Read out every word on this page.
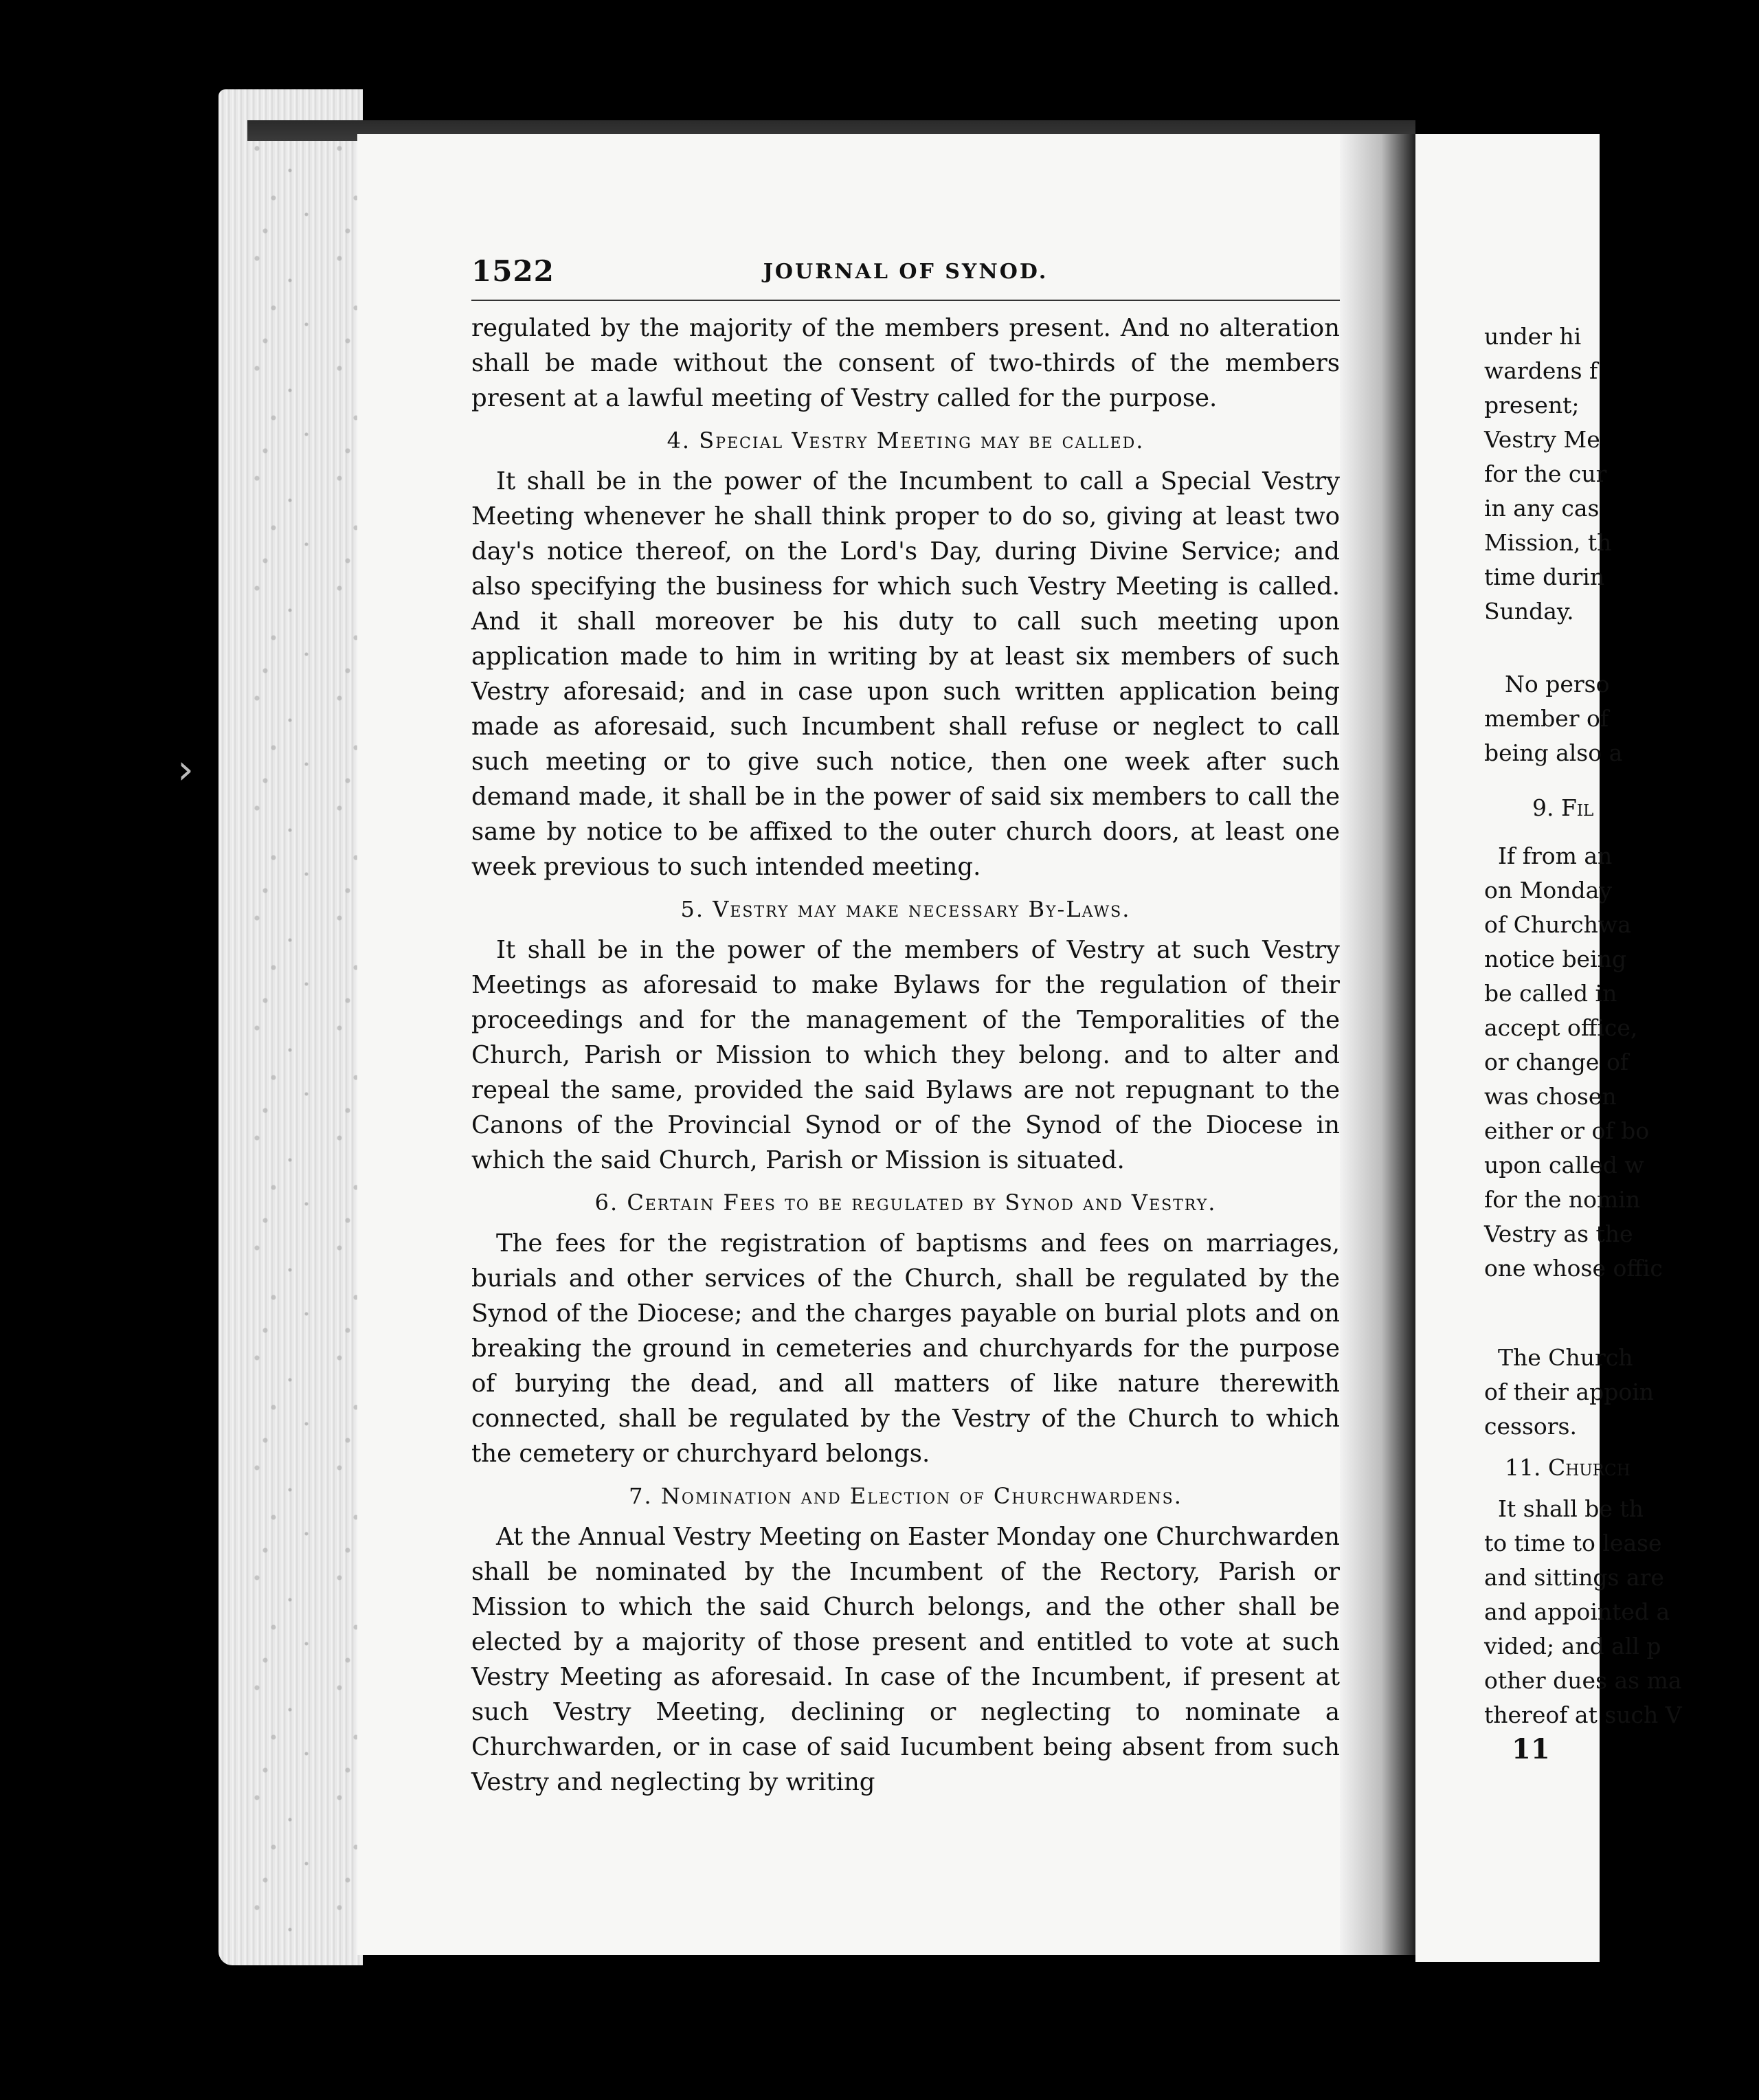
›
1522	JOURNAL OF SYNOD.

regulated by the majority of the members present. And no alteration shall be made without the consent of two-thirds of the members present at a lawful meeting of Vestry called for the purpose.

4. Special Vestry Meeting may be called.

It shall be in the power of the Incumbent to call a Special Vestry Meeting whenever he shall think proper to do so, giving at least two day's notice thereof, on the Lord's Day, during Divine Service; and also specifying the business for which such Vestry Meeting is called. And it shall moreover be his duty to call such meeting upon application made to him in writing by at least six members of such Vestry aforesaid; and in case upon such written application being made as aforesaid, such Incumbent shall refuse or neglect to call such meeting or to give such notice, then one week after such demand made, it shall be in the power of said six members to call the same by notice to be affixed to the outer church doors, at least one week previous to such intended meeting.

5. Vestry may make necessary By-Laws.

It shall be in the power of the members of Vestry at such Vestry Meetings as aforesaid to make Bylaws for the regulation of their proceedings and for the management of the Temporalities of the Church, Parish or Mission to which they belong. and to alter and repeal the same, provided the said Bylaws are not repugnant to the Canons of the Provincial Synod or of the Synod of the Diocese in which the said Church, Parish or Mission is situated.

6. Certain Fees to be regulated by Synod and Vestry.

The fees for the registration of baptisms and fees on marriages, burials and other services of the Church, shall be regulated by the Synod of the Diocese; and the charges payable on burial plots and on breaking the ground in cemeteries and churchyards for the purpose of burying the dead, and all matters of like nature therewith connected, shall be regulated by the Vestry of the Church to which the cemetery or churchyard belongs.

7. Nomination and Election of Churchwardens.

At the Annual Vestry Meeting on Easter Monday one Churchwarden shall be nominated by the Incumbent of the Rectory, Parish or Mission to which the said Church belongs, and the other shall be elected by a majority of those present and entitled to vote at such Vestry Meeting as aforesaid. In case of the Incumbent, if present at such Vestry Meeting, declining or neglecting to nominate a Churchwarden, or in case of said Iucumbent being absent from such Vestry and neglecting by writing

under hi
wardens f
present;
Vestry Me
for the cur
in any cas
Mission, th
time durin
Sunday.
No perso
member of
being also a
9. Fil
If from an
on Monday
of Churchwa
notice being
be called in
accept office,
or change of
was chosen
either or of bo
upon called w
for the nomin
Vestry as the
one whose offic
The Church
of their appoin
cessors.
11. Church
It shall be th
to time to lease
and sittings are
and appointed a
vided; and all p
other dues as ma
thereof at such V
11
